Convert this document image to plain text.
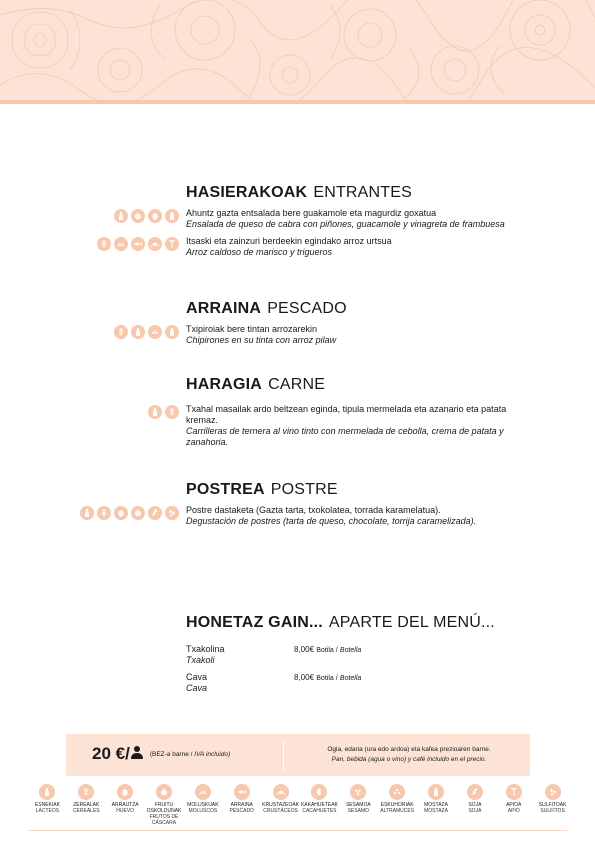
HASIERAKOAK ENTRANTES
Ahuntz gazta entsalada bere guakamole eta magurdiz goxatua
Ensalada de queso de cabra con piñones, guacamole y vinagreta de frambuesa
Itsaski eta zainzuri berdeekin egindako arroz urtsua
Arroz caldoso de marisco y trigueros
ARRAINA PESCADO
Txipiroiak bere tintan arrozarekin
Chipirones en su tinta con arroz pilaw
HARAGIA CARNE
Txahal masailak ardo beltzean eginda, tipula mermelada eta azanario eta patata kremaz.
Carrilleras de ternera al vino tinto con mermelada de cebolla, crema de patata y zanahoria.
POSTREA POSTRE
Postre dastaketa (Gazta tarta, txokolatea, torrada karamelatua).
Degustación de postres (tarta de queso, chocolate, torrija caramelizada).
HONETAZ GAIN... APARTE DEL MENÚ...
Txakolina
Txakoli
8,00€ Botila / Botella
Cava
Cava
8,00€ Botila / Botella
20 €/	(BEZ-a barne / IVA incluido)
Ogia, edaria (ura edo ardoa) eta kafea prezioaren barne.
Pan, bebida (agua o vino) y café incluido en el precio.
ESNEKIAK
LÁCTEOS
ZEREALAK
CEREALES
ARRAUTZA
HUEVO
FRUITU OSKOLDUNAK
FRUTOS DE CÁSCARA
MOLUSKUAK
MOLUSCOS
ARRAINA
PESCADO
KRUSTAZEOAK
CRUSTÁCEOS
KAKAHUETEAK
CACAHUETES
SESAMOA
SESAMO
ESKUHORIAK
ALTRAMUCES
MOSTAZA
MOSTAZA
SOJA
SOJA
APIOA
APIO
SULFITOAK
SULFITOS
